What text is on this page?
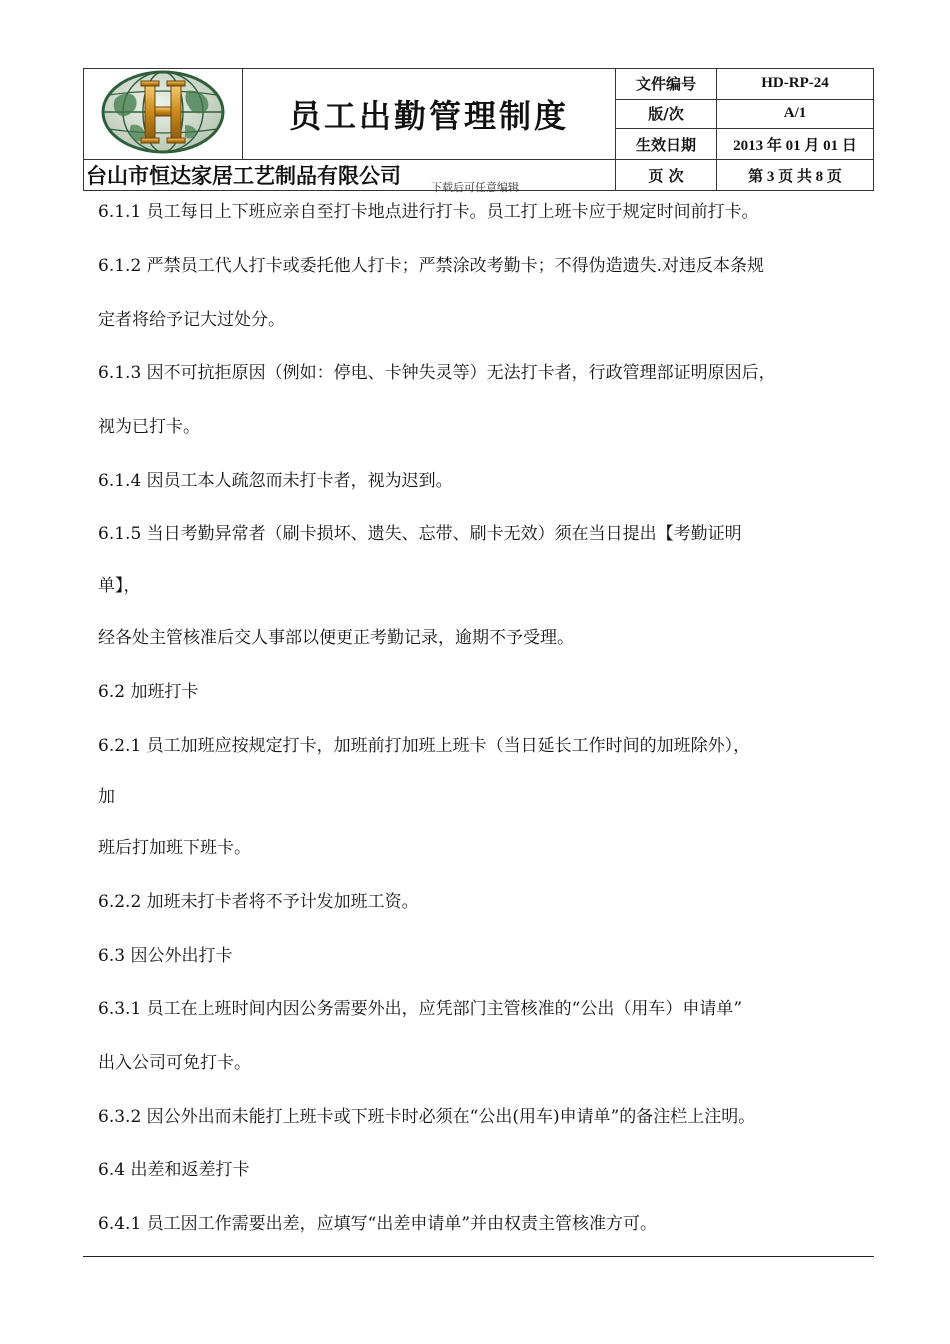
	员工出勤管理制度	文件编号	HD-RP-24
		版/次	A/1
		生效日期	2013 年 01 月 01 日
台山市恒达家居工艺制品有限公司		页 次	第 3 页 共 8 页
下载后可任意编辑
6.1.1 员工每日上下班应亲自至打卡地点进行打卡。员工打上班卡应于规定时间前打卡。
6.1.2 严禁员工代人打卡或委托他人打卡；严禁涂改考勤卡；不得伪造遗失.对违反本条规
定者将给予记大过处分。
6.1.3 因不可抗拒原因（例如：停电、卡钟失灵等）无法打卡者，行政管理部证明原因后，
视为已打卡。
6.1.4 因员工本人疏忽而未打卡者，视为迟到。
6.1.5 当日考勤异常者（刷卡损坏、遗失、忘带、刷卡无效）须在当日提出【考勤证明
单】，
经各处主管核准后交人事部以便更正考勤记录，逾期不予受理。
6.2 加班打卡
6.2.1 员工加班应按规定打卡，加班前打加班上班卡（当日延长工作时间的加班除外），
加
班后打加班下班卡。
6.2.2 加班未打卡者将不予计发加班工资。
6.3 因公外出打卡
6.3.1 员工在上班时间内因公务需要外出，应凭部门主管核准的“公出（用车）申请单”
出入公司可免打卡。
6.3.2 因公外出而未能打上班卡或下班卡时必须在“公出(用车)申请单”的备注栏上注明。
6.4 出差和返差打卡
6.4.1 员工因工作需要出差，应填写“出差申请单”并由权责主管核准方可。
